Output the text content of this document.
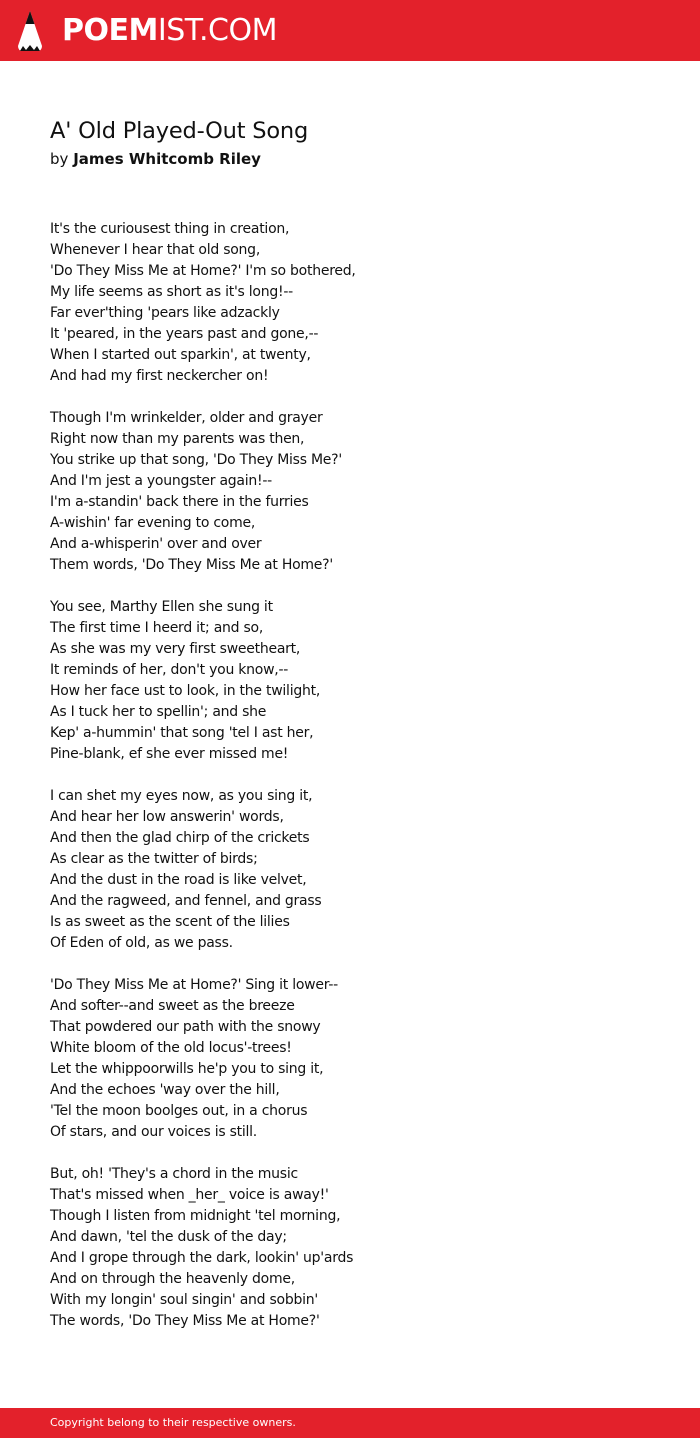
POEMIST.COM
A' Old Played-Out Song
by James Whitcomb Riley
It's the curiousest thing in creation,
Whenever I hear that old song,
'Do They Miss Me at Home?' I'm so bothered,
My life seems as short as it's long!--
Far ever'thing 'pears like adzackly
It 'peared, in the years past and gone,--
When I started out sparkin', at twenty,
And had my first neckercher on!
Though I'm wrinkelder, older and grayer
Right now than my parents was then,
You strike up that song, 'Do They Miss Me?'
And I'm jest a youngster again!--
I'm a-standin' back there in the furries
A-wishin' far evening to come,
And a-whisperin' over and over
Them words, 'Do They Miss Me at Home?'
You see, Marthy Ellen she sung it
The first time I heerd it; and so,
As she was my very first sweetheart,
It reminds of her, don't you know,--
How her face ust to look, in the twilight,
As I tuck her to spellin'; and she
Kep' a-hummin' that song 'tel I ast her,
Pine-blank, ef she ever missed me!
I can shet my eyes now, as you sing it,
And hear her low answerin' words,
And then the glad chirp of the crickets
As clear as the twitter of birds;
And the dust in the road is like velvet,
And the ragweed, and fennel, and grass
Is as sweet as the scent of the lilies
Of Eden of old, as we pass.
'Do They Miss Me at Home?' Sing it lower--
And softer--and sweet as the breeze
That powdered our path with the snowy
White bloom of the old locus'-trees!
Let the whippoorwills he'p you to sing it,
And the echoes 'way over the hill,
'Tel the moon boolges out, in a chorus
Of stars, and our voices is still.
But, oh! 'They's a chord in the music
That's missed when _her_ voice is away!'
Though I listen from midnight 'tel morning,
And dawn, 'tel the dusk of the day;
And I grope through the dark, lookin' up'ards
And on through the heavenly dome,
With my longin' soul singin' and sobbin'
The words, 'Do They Miss Me at Home?'
Copyright belong to their respective owners.
